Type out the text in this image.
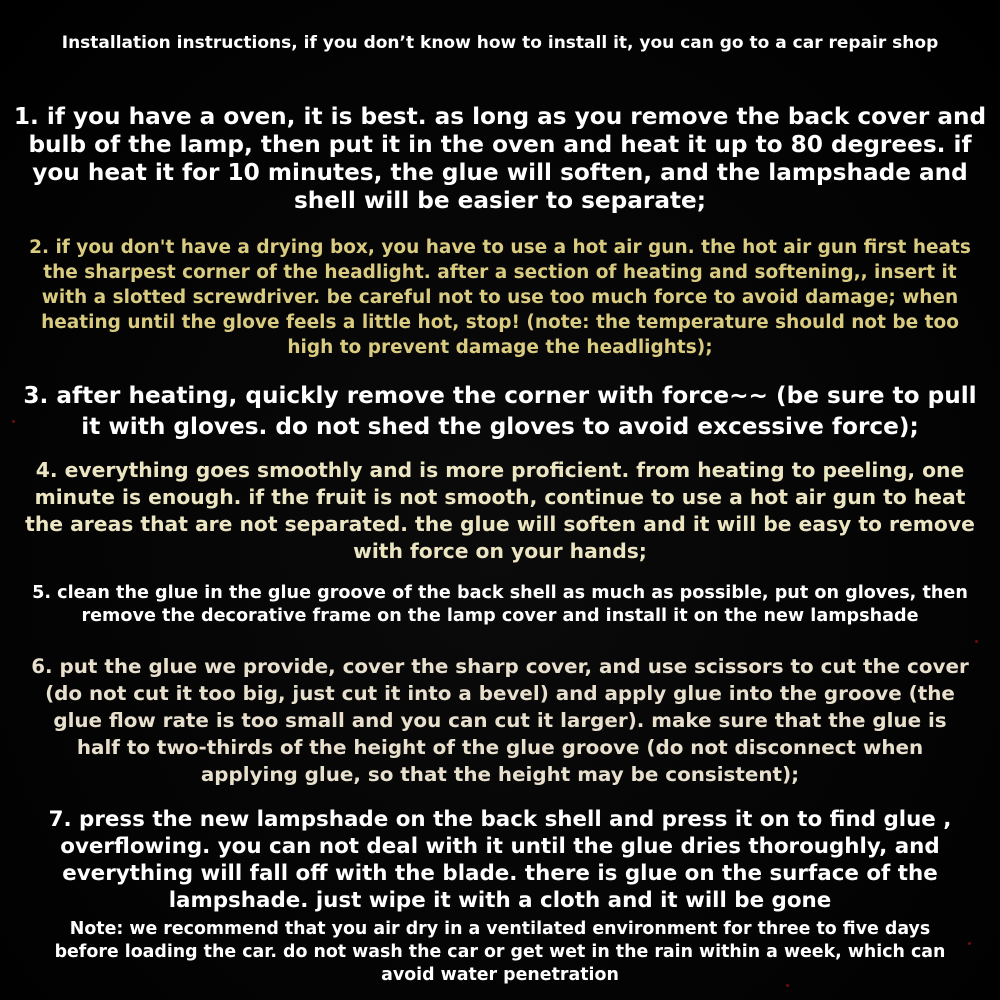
Installation instructions, if you don’t know how to install it, you can go to a car repair shop

1. if you have a oven, it is best. as long as you remove the back cover and bulb of the lamp, then put it in the oven and heat it up to 80 degrees. if you heat it for 10 minutes, the glue will soften, and the lampshade and shell will be easier to separate;

2. if you don't have a drying box, you have to use a hot air gun. the hot air gun first heats the sharpest corner of the headlight. after a section of heating and softening,, insert it with a slotted screwdriver. be careful not to use too much force to avoid damage; when heating until the glove feels a little hot, stop! (note: the temperature should not be too high to prevent damage the headlights);

3. after heating, quickly remove the corner with force~~ (be sure to pull it with gloves. do not shed the gloves to avoid excessive force);

4. everything goes smoothly and is more proficient. from heating to peeling, one minute is enough. if the fruit is not smooth, continue to use a hot air gun to heat the areas that are not separated. the glue will soften and it will be easy to remove with force on your hands;

5. clean the glue in the glue groove of the back shell as much as possible, put on gloves, then remove the decorative frame on the lamp cover and install it on the new lampshade

6. put the glue we provide, cover the sharp cover, and use scissors to cut the cover (do not cut it too big, just cut it into a bevel) and apply glue into the groove (the glue flow rate is too small and you can cut it larger). make sure that the glue is half to two-thirds of the height of the glue groove (do not disconnect when applying glue, so that the height may be consistent);

7. press the new lampshade on the back shell and press it on to find glue , overflowing. you can not deal with it until the glue dries thoroughly, and everything will fall off with the blade. there is glue on the surface of the lampshade. just wipe it with a cloth and it will be gone

Note: we recommend that you air dry in a ventilated environment for three to five days before loading the car. do not wash the car or get wet in the rain within a week, which can avoid water penetration
